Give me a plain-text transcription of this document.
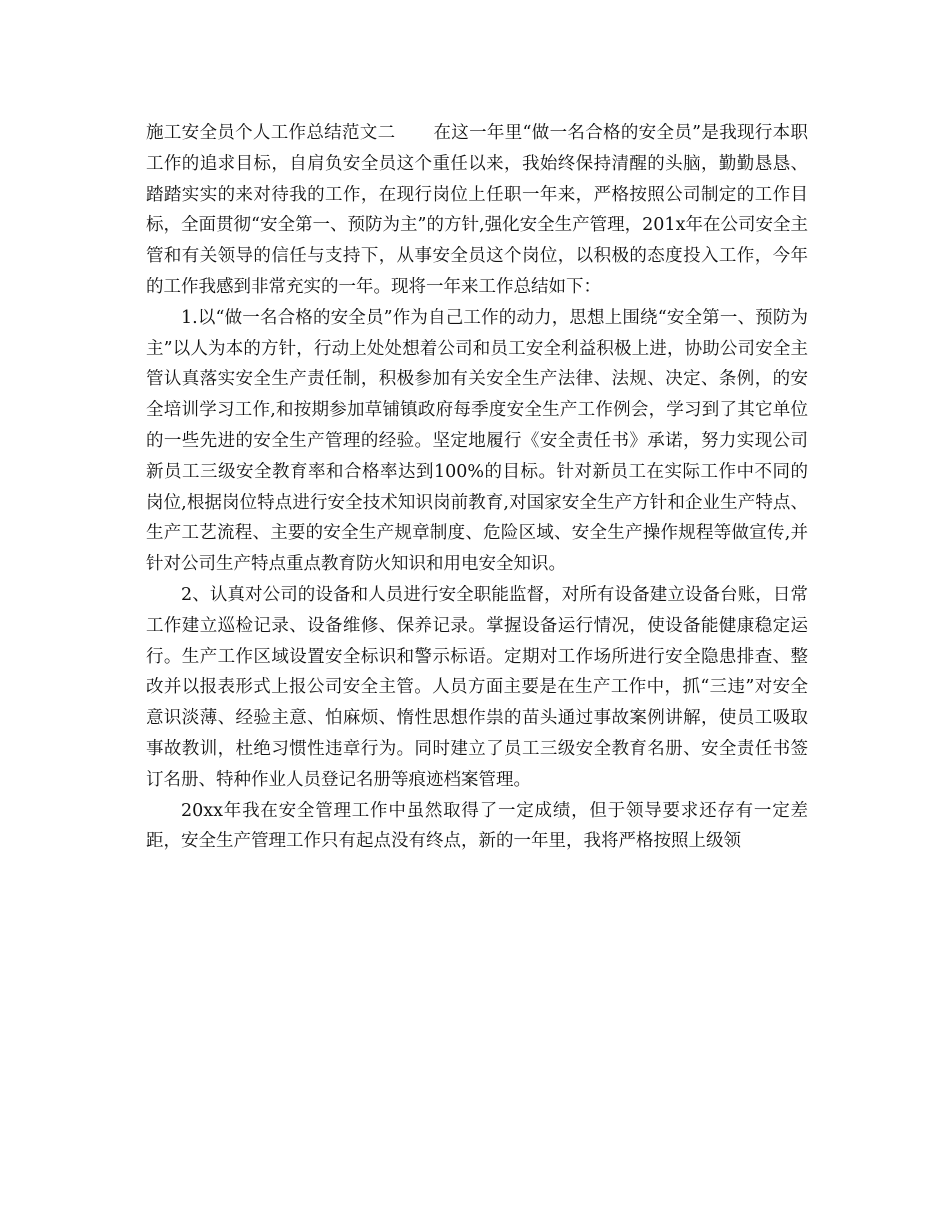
施工安全员个人工作总结范文二 在这一年里“做一名合格的安全员”是我现行本职工作的追求目标，自肩负安全员这个重任以来，我始终保持清醒的头脑，勤勤恳恳、踏踏实实的来对待我的工作，在现行岗位上任职一年来，严格按照公司制定的工作目标，全面贯彻“安全第一、预防为主”的方针,强化安全生产管理，201x年在公司安全主管和有关领导的信任与支持下，从事安全员这个岗位，以积极的态度投入工作，今年的工作我感到非常充实的一年。现将一年来工作总结如下：

1.以“做一名合格的安全员”作为自己工作的动力，思想上围绕“安全第一、预防为主”以人为本的方针，行动上处处想着公司和员工安全利益积极上进，协助公司安全主管认真落实安全生产责任制，积极参加有关安全生产法律、法规、决定、条例，的安全培训学习工作,和按期参加草铺镇政府每季度安全生产工作例会，学习到了其它单位的一些先进的安全生产管理的经验。坚定地履行《安全责任书》承诺，努力实现公司新员工三级安全教育率和合格率达到100%的目标。针对新员工在实际工作中不同的岗位,根据岗位特点进行安全技术知识岗前教育,对国家安全生产方针和企业生产特点、生产工艺流程、主要的安全生产规章制度、危险区域、安全生产操作规程等做宣传,并针对公司生产特点重点教育防火知识和用电安全知识。

2、认真对公司的设备和人员进行安全职能监督，对所有设备建立设备台账，日常工作建立巡检记录、设备维修、保养记录。掌握设备运行情况，使设备能健康稳定运行。生产工作区域设置安全标识和警示标语。定期对工作场所进行安全隐患排查、整改并以报表形式上报公司安全主管。人员方面主要是在生产工作中，抓“三违”对安全意识淡薄、经验主意、怕麻烦、惰性思想作祟的苗头通过事故案例讲解，使员工吸取事故教训，杜绝习惯性违章行为。同时建立了员工三级安全教育名册、安全责任书签订名册、特种作业人员登记名册等痕迹档案管理。

20xx年我在安全管理工作中虽然取得了一定成绩，但于领导要求还存有一定差距，安全生产管理工作只有起点没有终点，新的一年里，我将严格按照上级领
